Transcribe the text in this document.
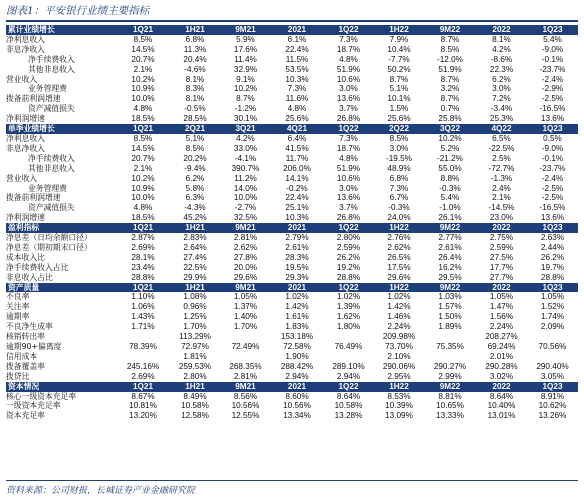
图表1：平安银行业绩主要指标
累计业绩增长	1Q21	1H21	9M21	2021	1Q22	1H22	9M22	2022	1Q23
净利息收入	8.5%	6.8%	5.9%	6.1%	7.3%	7.9%	8.7%	8.1%	5.4%
非息净收入	14.5%	11.3%	17.6%	22.4%	18.7%	10.4%	8.5%	4.2%	-9.0%
净手续费收入	20.7%	20.4%	11.4%	11.5%	4.8%	-7.7%	-12.0%	-8.6%	-0.1%
其他非息收入	2.1%	-4.6%	32.9%	53.5%	51.9%	50.2%	51.9%	22.3%	-23.7%
营业收入	10.2%	8.1%	9.1%	10.3%	10.6%	8.7%	8.7%	6.2%	-2.4%
业务管理费	10.9%	8.3%	10.2%	7.3%	3.0%	5.1%	3.2%	3.0%	-2.9%
拨备前利润增速	10.0%	8.1%	8.7%	11.6%	13.6%	10.1%	8.7%	7.2%	-2.5%
资产减值损失	4.8%	-0.5%	-1.2%	4.8%	3.7%	1.5%	0.7%	-3.4%	-16.5%
净利润增速	18.5%	28.5%	30.1%	25.6%	26.8%	25.6%	25.8%	25.3%	13.6%
单季业绩增长	1Q21	2Q21	3Q21	4Q21	1Q22	2Q22	3Q22	4Q22	1Q23
净利息收入	8.5%	5.1%	4.2%	6.4%	7.3%	8.5%	10.2%	6.5%	0.5%
非息净收入	14.5%	8.5%	33.0%	41.5%	18.7%	3.0%	5.2%	-22.5%	-9.0%
净手续费收入	20.7%	20.2%	-4.1%	11.7%	4.8%	-19.5%	-21.2%	2.5%	-0.1%
其他非息收入	2.1%	-9.4%	390.7%	206.0%	51.9%	48.9%	55.0%	-72.7%	-23.7%
营业收入	10.2%	6.2%	11.2%	14.1%	10.6%	6.8%	8.8%	-1.3%	-2.4%
业务管理费	10.9%	5.8%	14.0%	-0.2%	3.0%	7.3%	-0.3%	2.4%	-2.5%
拨备前利润增速	10.0%	6.3%	10.0%	22.4%	13.6%	6.7%	5.4%	2.1%	-2.5%
资产减值损失	4.8%	-4.3%	-2.7%	25.1%	3.7%	-0.3%	-1.0%	-14.5%	-16.5%
净利润增速	18.5%	45.2%	32.5%	10.3%	26.8%	24.0%	26.1%	23.0%	13.6%
盈利指标	1Q21	1H21	9M21	2021	1Q22	1H22	9M22	2022	1Q23
净息差（日均余额口径）	2.87%	2.83%	2.81%	2.79%	2.80%	2.76%	2.77%	2.75%	2.63%
净息差（期初期末口径）	2.69%	2.64%	2.62%	2.61%	2.59%	2.62%	2.61%	2.59%	2.44%
成本收入比	28.1%	27.4%	27.8%	28.3%	26.2%	26.5%	26.4%	27.5%	26.2%
净手续费收入占比	23.4%	22.5%	20.0%	19.5%	19.2%	17.5%	16.2%	17.7%	19.7%
非息收入占比	28.8%	29.9%	29.6%	29.3%	28.8%	29.6%	29.5%	27.7%	28.8%
资产质量	1Q21	1H21	9M21	2021	1Q22	1H22	9M22	2022	1Q23
不良率	1.10%	1.08%	1.05%	1.02%	1.02%	1.02%	1.03%	1.05%	1.05%
关注率	1.06%	0.96%	1.37%	1.42%	1.39%	1.42%	1.57%	1.47%	1.52%
逾期率	1.43%	1.25%	1.40%	1.61%	1.62%	1.46%	1.50%	1.56%	1.74%
不良净生成率	1.71%	1.70%	1.70%	1.83%	1.80%	2.24%	1.89%	2.24%	2.09%
核销转出率		113.29%		153.18%		209.98%		208.27%	
逾期90+偏离度	78.39%	72.97%	72.49%	72.58%	76.49%	73.70%	75.35%	69.24%	70.56%
信用成本		1.81%		1.90%		2.10%		2.01%	
拨备覆盖率	245.16%	259.53%	268.35%	288.42%	289.10%	290.06%	290.27%	290.28%	290.40%
拨贷比	2.69%	2.80%	2.81%	2.94%	2.94%	2.95%	2.99%	3.02%	3.05%
资本情况	1Q21	1H21	9M21	2021	1Q22	1H22	9M22	2022	1Q23
核心一级资本充足率	8.67%	8.49%	8.56%	8.60%	8.64%	8.53%	8.81%	8.64%	8.91%
一级资本充足率	10.81%	10.58%	10.56%	10.56%	10.58%	10.39%	10.65%	10.40%	10.62%
资本充足率	13.20%	12.58%	12.55%	13.34%	13.28%	13.09%	13.33%	13.01%	13.26%
资料来源：公司财报，长城证券产业金融研究院
